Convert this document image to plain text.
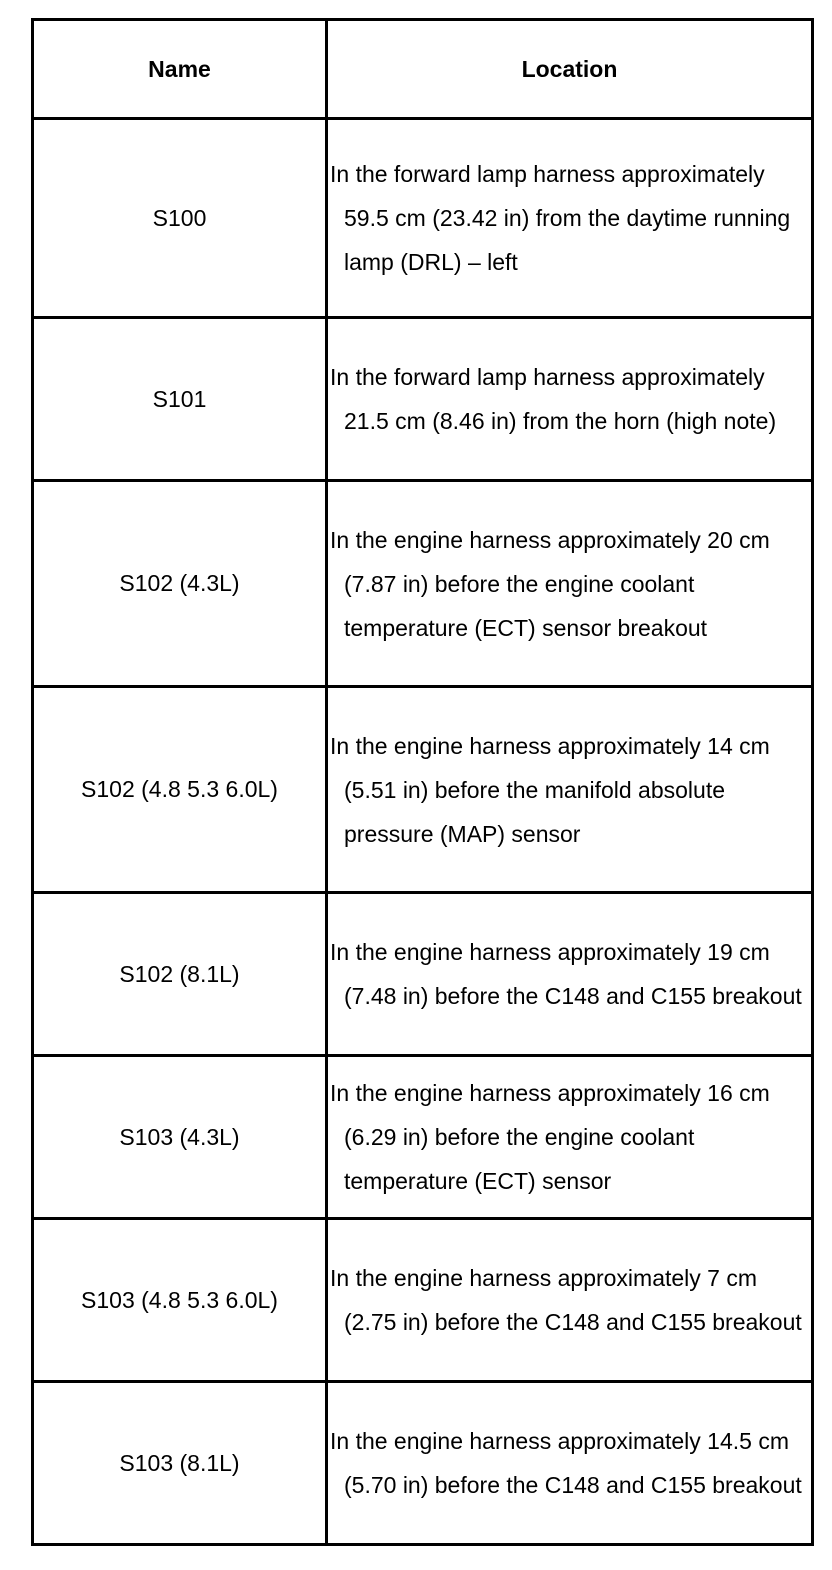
Name	Location
S100	In the forward lamp harness approximately 59.5 cm (23.42 in) from the daytime running lamp (DRL) – left

S101	In the forward lamp harness approximately 21.5 cm (8.46 in) from the horn (high note)

S102 (4.3L)	In the engine harness approximately 20 cm (7.87 in) before the engine coolant temperature (ECT) sensor breakout

S102 (4.8 5.3 6.0L)	In the engine harness approximately 14 cm (5.51 in) before the manifold absolute pressure (MAP) sensor

S102 (8.1L)	In the engine harness approximately 19 cm (7.48 in) before the C148 and C155 breakout

S103 (4.3L)	In the engine harness approximately 16 cm (6.29 in) before the engine coolant temperature (ECT) sensor

S103 (4.8 5.3 6.0L)	In the engine harness approximately 7 cm (2.75 in) before the C148 and C155 breakout

S103 (8.1L)	In the engine harness approximately 14.5 cm (5.70 in) before the C148 and C155 breakout
